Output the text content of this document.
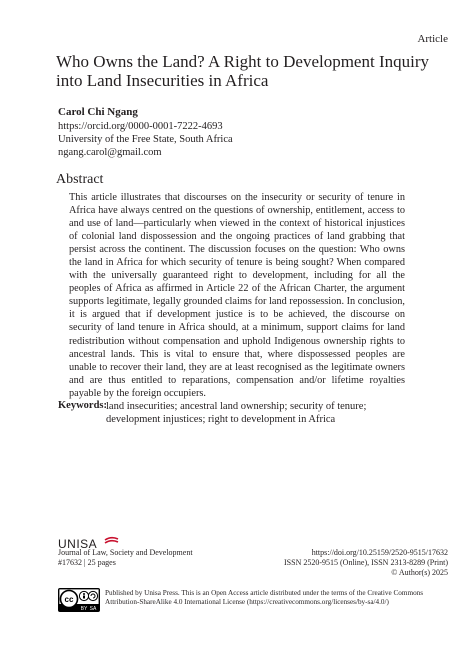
Article
Who Owns the Land? A Right to Development Inquiry into Land Insecurities in Africa
Carol Chi Ngang
https://orcid.org/0000-0001-7222-4693
University of the Free State, South Africa
ngang.carol@gmail.com
Abstract

This article illustrates that discourses on the insecurity or security of tenure in Africa have always centred on the questions of ownership, entitlement, access to and use of land—particularly when viewed in the context of historical injustices of colonial land dispossession and the ongoing practices of land grabbing that persist across the continent. The discussion focuses on the question: Who owns the land in Africa for which security of tenure is being sought? When compared with the universally guaranteed right to development, including for all the peoples of Africa as affirmed in Article 22 of the African Charter, the argument supports legitimate, legally grounded claims for land repossession. In conclusion, it is argued that if development justice is to be achieved, the discourse on security of land tenure in Africa should, at a minimum, support claims for land redistribution without compensation and uphold Indigenous ownership rights to ancestral lands. This is vital to ensure that, where dispossessed peoples are unable to recover their land, they are at least recognised as the legitimate owners and are thus entitled to reparations, compensation and/or lifetime royalties payable by the foreign occupiers.

Keywords: land insecurities; ancestral land ownership; security of tenure; development injustices; right to development in Africa
UNISA
Journal of Law, Society and Development
#17632 | 25 pages
https://doi.org/10.25159/2520-9515/17632
ISSN 2520-9515 (Online), ISSN 2313-8289 (Print)
© Author(s) 2025
cc
BY SA
Published by Unisa Press. This is an Open Access article distributed under the terms of the Creative Commons Attribution-ShareAlike 4.0 International License (https://creativecommons.org/licenses/by-sa/4.0/)
